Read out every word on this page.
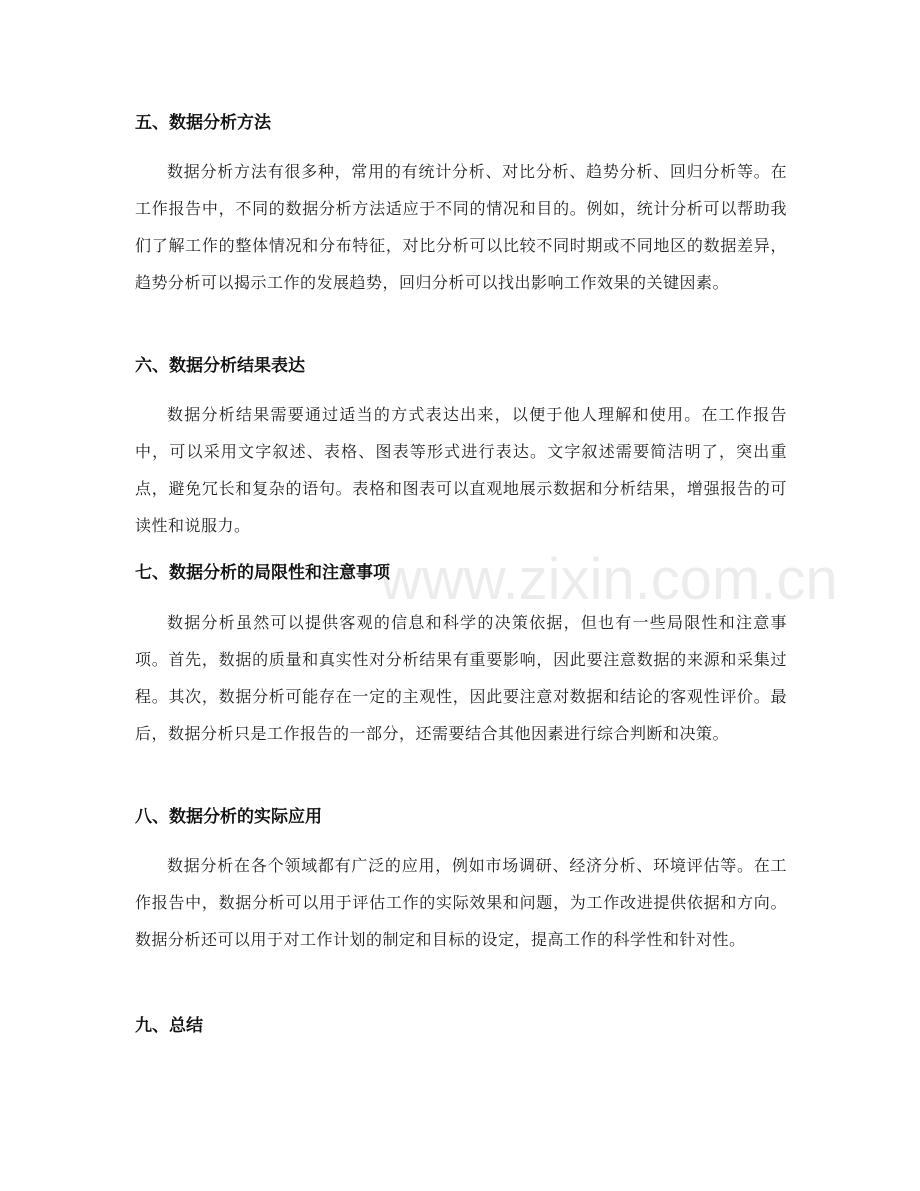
五、数据分析方法

数据分析方法有很多种，常用的有统计分析、对比分析、趋势分析、回归分析等。在工作报告中，不同的数据分析方法适应于不同的情况和目的。例如，统计分析可以帮助我们了解工作的整体情况和分布特征，对比分析可以比较不同时期或不同地区的数据差异，趋势分析可以揭示工作的发展趋势，回归分析可以找出影响工作效果的关键因素。

六、数据分析结果表达

数据分析结果需要通过适当的方式表达出来，以便于他人理解和使用。在工作报告中，可以采用文字叙述、表格、图表等形式进行表达。文字叙述需要简洁明了，突出重点，避免冗长和复杂的语句。表格和图表可以直观地展示数据和分析结果，增强报告的可读性和说服力。

七、数据分析的局限性和注意事项

数据分析虽然可以提供客观的信息和科学的决策依据，但也有一些局限性和注意事项。首先，数据的质量和真实性对分析结果有重要影响，因此要注意数据的来源和采集过程。其次，数据分析可能存在一定的主观性，因此要注意对数据和结论的客观性评价。最后，数据分析只是工作报告的一部分，还需要结合其他因素进行综合判断和决策。

八、数据分析的实际应用

数据分析在各个领域都有广泛的应用，例如市场调研、经济分析、环境评估等。在工作报告中，数据分析可以用于评估工作的实际效果和问题，为工作改进提供依据和方向。数据分析还可以用于对工作计划的制定和目标的设定，提高工作的科学性和针对性。

九、总结
www.zixin.com.cn
